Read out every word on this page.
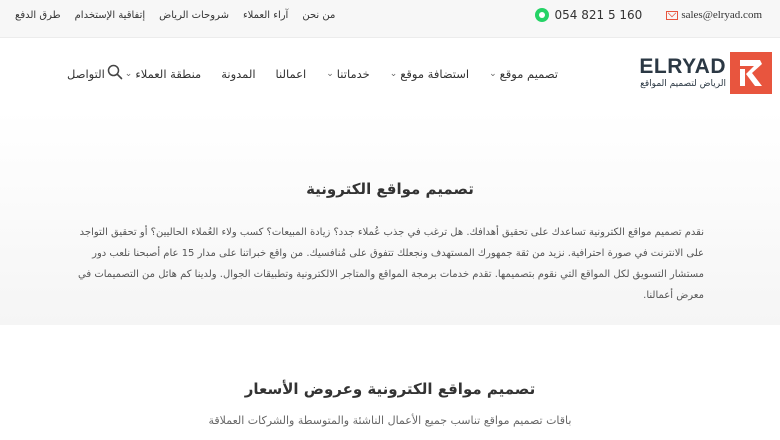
من نحن
آراء العملاء
شروحات الرياض
إتفاقية الإستخدام
طرق الدفع	054 821 5 160	sales@elryad.com
ELRYAD
الرياض لتصميم المواقع
تصميم موقع
⌄
استضافة موقع
⌄
خدماتنا
⌄
اعمالنا
المدونة
منطقة العملاء
⌄
التواصل
تصميم مواقع الكترونية
نقدم تصميم مواقع الكترونية تساعدك على تحقيق أهدافك. هل ترغب في جذب عُملاء جدد؟ زيادة المبيعات؟ كسب ولاء العُملاء الحاليين؟ أو تحقيق التواجد على الانترنت في صورة احترافية. نزيد من ثقة جمهورك المستهدف ونجعلك تتفوق على مُنافسيك. من واقع خبراتنا على مدار 15 عام أصبحنا نلعب دور مستشار التسويق لكل المواقع التي نقوم بتصميمها. تقدم خدمات برمجة المواقع والمتاجر الالكترونية وتطبيقات الجوال. ولدينا كم هائل من التصميمات في معرض أعمالنا.
تصميم مواقع الكترونية وعروض الأسعار
باقات تصميم مواقع تناسب جميع الأعمال الناشئة والمتوسطة والشركات العملاقة
